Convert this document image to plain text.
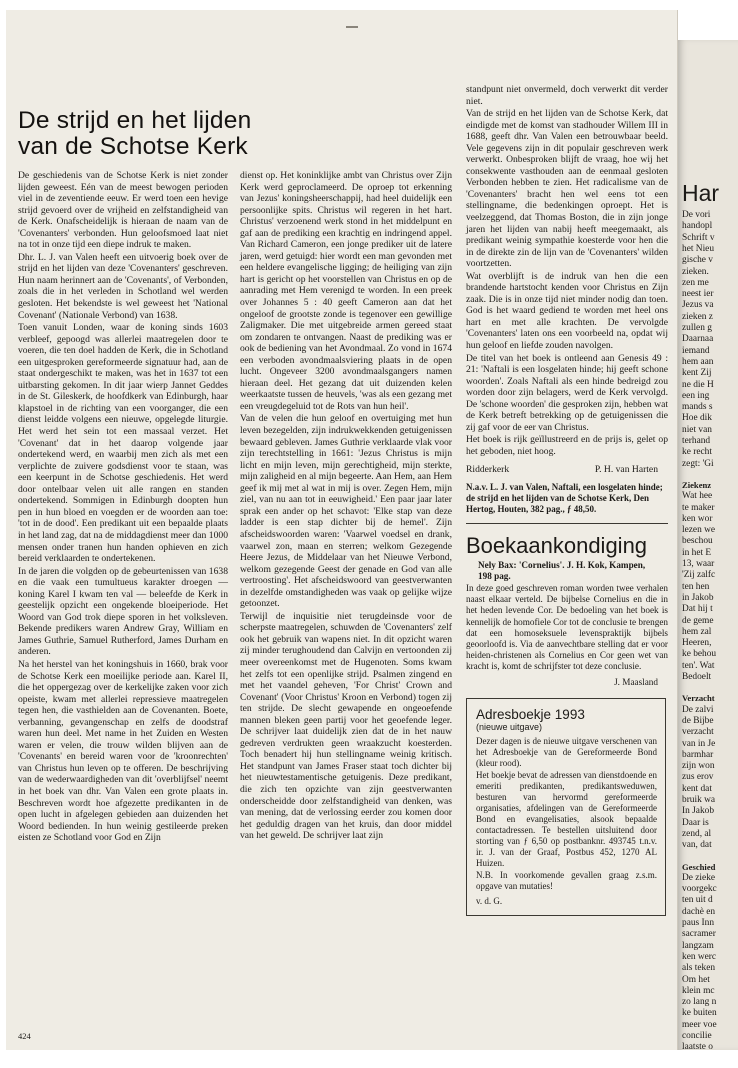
De strijd en het lijden
van de Schotse Kerk

De geschiedenis van de Schotse Kerk is niet zonder lijden geweest. Eén van de meest bewogen perioden viel in de zeventiende eeuw. Er werd toen een hevige strijd gevoerd over de vrijheid en zelfstandigheid van de Kerk. Onafscheidelijk is hieraan de naam van de 'Covenanters' verbonden. Hun geloofsmoed laat niet na tot in onze tijd een diepe indruk te maken.

Dhr. L. J. van Valen heeft een uitvoerig boek over de strijd en het lijden van deze 'Covenanters' geschreven. Hun naam herinnert aan de 'Covenants', of Verbonden, zoals die in het verleden in Schotland wel werden gesloten. Het bekendste is wel geweest het 'National Covenant' (Nationale Verbond) van 1638.

Toen vanuit Londen, waar de koning sinds 1603 verbleef, gepoogd was allerlei maatregelen door te voeren, die ten doel hadden de Kerk, die in Schotland een uitgesproken gereformeerde signatuur had, aan de staat ondergeschikt te maken, was het in 1637 tot een uitbarsting gekomen. In dit jaar wierp Jannet Geddes in de St. Gileskerk, de hoofdkerk van Edinburgh, haar klapstoel in de richting van een voorganger, die een dienst leidde volgens een nieuwe, opgelegde liturgie. Het werd het sein tot een massaal verzet. Het 'Covenant' dat in het daarop volgende jaar ondertekend werd, en waarbij men zich als met een verplichte de zuivere godsdienst voor te staan, was een keerpunt in de Schotse geschiedenis. Het werd door ontelbaar velen uit alle rangen en standen ondertekend. Sommigen in Edinburgh doopten hun pen in hun bloed en voegden er de woorden aan toe: 'tot in de dood'. Een predikant uit een bepaalde plaats in het land zag, dat na de middagdienst meer dan 1000 mensen onder tranen hun handen ophieven en zich bereid verklaarden te ondertekenen.

In de jaren die volgden op de gebeurtenissen van 1638 en die vaak een tumultueus karakter droegen — koning Karel I kwam ten val — beleefde de Kerk in geestelijk opzicht een ongekende bloeiperiode. Het Woord van God trok diepe sporen in het volksleven. Bekende predikers waren Andrew Gray, William en James Guthrie, Samuel Rutherford, James Durham en anderen.

Na het herstel van het koningshuis in 1660, brak voor de Schotse Kerk een moeilijke periode aan. Karel II, die het oppergezag over de kerkelijke zaken voor zich opeiste, kwam met allerlei repressieve maatregelen tegen hen, die vasthielden aan de Covenanten. Boete, verbanning, gevangenschap en zelfs de doodstraf waren hun deel. Met name in het Zuiden en Westen waren er velen, die trouw wilden blijven aan de 'Covenants' en bereid waren voor de 'kroonrechten' van Christus hun leven op te offeren. De beschrijving van de wederwaardigheden van dit 'overblijfsel' neemt in het boek van dhr. Van Valen een grote plaats in. Beschreven wordt hoe afgezette predikanten in de open lucht in afgelegen gebieden aan duizenden het Woord bedienden. In hun weinig gestileerde preken eisten ze Schotland voor God en Zijn

dienst op. Het koninklijke ambt van Christus over Zijn Kerk werd geproclameerd. De oproep tot erkenning van Jezus' koningsheerschappij, had heel duidelijk een persoonlijke spits. Christus wil regeren in het hart. Christus' verzoenend werk stond in het middelpunt en gaf aan de prediking een krachtig en indringend appel. Van Richard Cameron, een jonge prediker uit de latere jaren, werd getuigd: hier wordt een man gevonden met een heldere evangelische ligging; de heiliging van zijn hart is gericht op het voorstellen van Christus en op de aanrading met Hem verenigd te worden. In een preek over Johannes 5 : 40 geeft Cameron aan dat het ongeloof de grootste zonde is tegenover een gewillige Zaligmaker. Die met uitgebreide armen gereed staat om zondaren te ontvangen. Naast de prediking was er ook de bediening van het Avondmaal. Zo vond in 1674 een verboden avondmaalsviering plaats in de open lucht. Ongeveer 3200 avondmaalsgangers namen hieraan deel. Het gezang dat uit duizenden kelen weerkaatste tussen de heuvels, 'was als een gezang met een vreugdegeluid tot de Rots van hun heil'.

Van de velen die hun geloof en overtuiging met hun leven bezegelden, zijn indrukwekkenden getuigenissen bewaard gebleven. James Guthrie verklaarde vlak voor zijn terechtstelling in 1661: 'Jezus Christus is mijn licht en mijn leven, mijn gerechtigheid, mijn sterkte, mijn zaligheid en al mijn begeerte. Aan Hem, aan Hem geef ik mij met al wat in mij is over. Zegen Hem, mijn ziel, van nu aan tot in eeuwigheid.' Een paar jaar later sprak een ander op het schavot: 'Elke stap van deze ladder is een stap dichter bij de hemel'. Zijn afscheidswoorden waren: 'Vaarwel voedsel en drank, vaarwel zon, maan en sterren; welkom Gezegende Heere Jezus, de Middelaar van het Nieuwe Verbond, welkom gezegende Geest der genade en God van alle vertroosting'. Het afscheidswoord van geestverwanten in dezelfde omstandigheden was vaak op gelijke wijze getoonzet.

Terwijl de inquisitie niet terugdeinsde voor de scherpste maatregelen, schuwden de 'Covenanters' zelf ook het gebruik van wapens niet. In dit opzicht waren zij minder terughoudend dan Calvijn en vertoonden zij meer overeenkomst met de Hugenoten. Soms kwam het zelfs tot een openlijke strijd. Psalmen zingend en met het vaandel geheven, 'For Christ' Crown and Covenant' (Voor Christus' Kroon en Verbond) togen zij ten strijde. De slecht gewapende en ongeoefende mannen bleken geen partij voor het geoefende leger. De schrijver laat duidelijk zien dat de in het nauw gedreven verdrukten geen wraakzucht koesterden. Toch benadert hij hun stellingname weinig kritisch. Het standpunt van James Fraser staat toch dichter bij het nieuwtestamentische getuigenis. Deze predikant, die zich ten opzichte van zijn geestverwanten onderscheidde door zelfstandigheid van denken, was van mening, dat de verlossing eerder zou komen door het geduldig dragen van het kruis, dan door middel van het geweld. De schrijver laat zijn

standpunt niet onvermeld, doch verwerkt dit verder niet.

Van de strijd en het lijden van de Schotse Kerk, dat eindigde met de komst van stadhouder Willem III in 1688, geeft dhr. Van Valen een betrouwbaar beeld. Vele gegevens zijn in dit populair geschreven werk verwerkt. Onbesproken blijft de vraag, hoe wij het consekwente vasthouden aan de eenmaal gesloten Verbonden hebben te zien. Het radicalisme van de 'Covenanters' bracht hen wel eens tot een stellingname, die bedenkingen oproept. Het is veelzeggend, dat Thomas Boston, die in zijn jonge jaren het lijden van nabij heeft meegemaakt, als predikant weinig sympathie koesterde voor hen die in de direkte zin de lijn van de 'Covenanters' wilden voortzetten.

Wat overblijft is de indruk van hen die een brandende hartstocht kenden voor Christus en Zijn zaak. Die is in onze tijd niet minder nodig dan toen. God is het waard gediend te worden met heel ons hart en met alle krachten. De vervolgde 'Covenanters' laten ons een voorbeeld na, opdat wij hun geloof en liefde zouden navolgen.

De titel van het boek is ontleend aan Genesis 49 : 21: 'Naftali is een losgelaten hinde; hij geeft schone woorden'. Zoals Naftali als een hinde bedreigd zou worden door zijn belagers, werd de Kerk vervolgd. De 'schone woorden' die gesproken zijn, hebben wat de Kerk betreft betrekking op de getuigenissen die zij gaf voor de eer van Christus.

Het boek is rijk geïllustreerd en de prijs is, gelet op het geboden, niet hoog.

Ridderkerk	P. H. van Harten
N.a.v. L. J. van Valen, Naftali, een losgelaten hinde; de strijd en het lijden van de Schotse Kerk, Den Hertog, Houten, 382 pag., ƒ 48,50.
Boekaankondiging
Nely Bax: 'Cornelius'. J. H. Kok, Kampen,
198 pag.

In deze goed geschreven roman worden twee verhalen naast elkaar verteld. De bijbelse Cornelius en die in het heden levende Cor. De bedoeling van het boek is kennelijk de homofiele Cor tot de conclusie te brengen dat een homoseksuele levenspraktijk bijbels geoorloofd is. Via de aanvechtbare stelling dat er voor heiden-christenen als Cornelius en Cor geen wet van kracht is, komt de schrijfster tot deze conclusie.

J. Maasland
Adresboekje 1993
(nieuwe uitgave)

Dezer dagen is de nieuwe uitgave verschenen van het Adresboekje van de Gereformeerde Bond (kleur rood).

Het boekje bevat de adressen van dienstdoende en emeriti predikanten, predikantsweduwen, besturen van hervormd gereformeerde organisaties, afdelingen van de Gereformeerde Bond en evangelisaties, alsook bepaalde contactadressen. Te bestellen uitsluitend door storting van ƒ 6,50 op postbanknr. 493745 t.n.v. ir. J. van der Graaf, Postbus 452, 1270 AL Huizen.

N.B. In voorkomende gevallen graag z.s.m. opgave van mutaties!

v. d. G.
424
Har
De vori
handopl
Schrift v
het Nieu
gische v
zieken.
zen me
neest ier
Jezus va
zieken z
zullen g
Daarnaa
iemand
hem aan
kent Zij
ne die H
een ing
mands s
Hoe dik
niet van
terhand
ke recht
zegt: 'Gi
Ziekenz
Wat hee
te maker
ken wor
lezen we
beschou
in het E
13, waar
'Zij zalfc
ten hen
in Jakob
Dat hij t
de geme
hem zal
Heeren,
ke behou
ten'. Wat
Bedoelt
Verzacht
De zalvi
de Bijbe
verzacht
van in Je
barmhar
zijn won
zus erov
kent dat
bruik wa
In Jakob
Daar is
zend, al
van, dat
Geschied
De zieke
voorgekc
ten uit d
dachè en
paus Inn
sacramer
langzam
ken werc
als teken
Om het
klein mc
zo lang n
ke buiten
meer voe
concilie
laatste o
